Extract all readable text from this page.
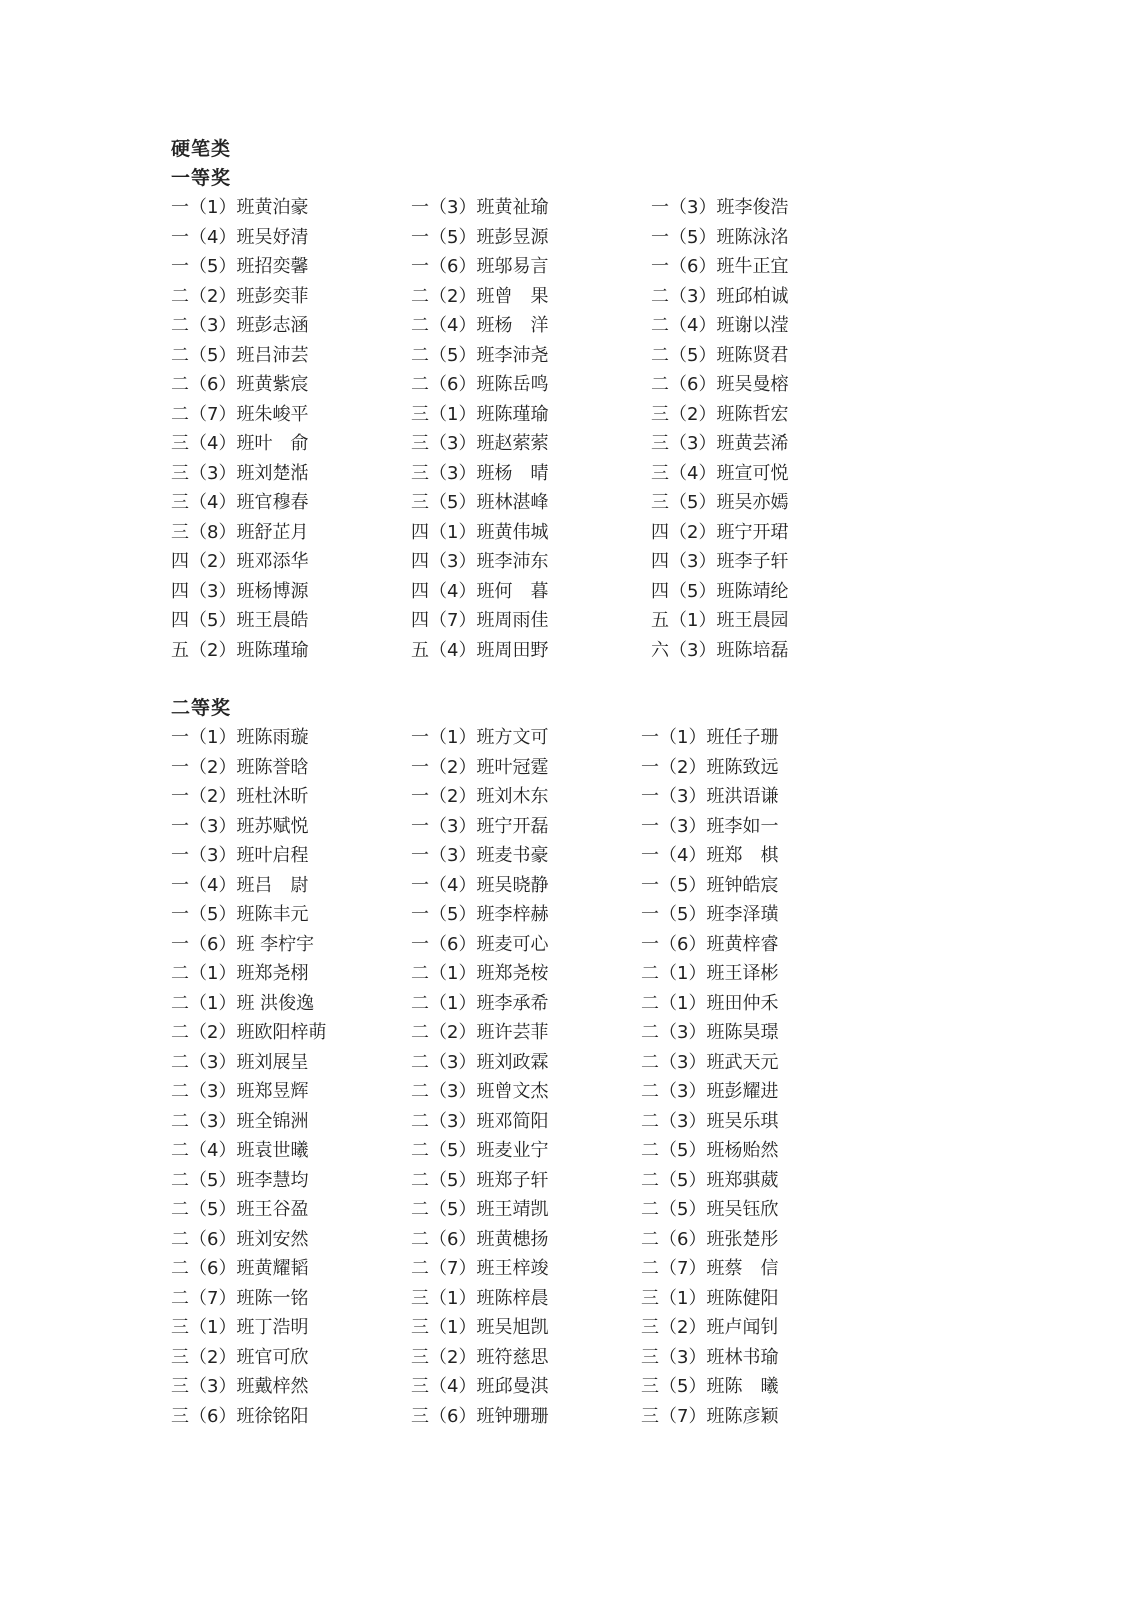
硬笔类
一等奖
一（1）班黄泊豪	一（3）班黄祉瑜	一（3）班李俊浩
一（4）班吴妤清	一（5）班彭昱源	一（5）班陈泳洺
一（5）班招奕馨	一（6）班邬易言	一（6）班牛正宜
二（2）班彭奕菲	二（2）班曾　果	二（3）班邱柏诚
二（3）班彭志涵	二（4）班杨　洋	二（4）班谢以滢
二（5）班吕沛芸	二（5）班李沛尧	二（5）班陈贤君
二（6）班黄紫宸	二（6）班陈岳鸣	二（6）班吴曼榕
二（7）班朱峻平	三（1）班陈瑾瑜	三（2）班陈哲宏
三（4）班叶　俞	三（3）班赵萦萦	三（3）班黄芸浠
三（3）班刘楚湉	三（3）班杨　晴	三（4）班宣可悦
三（4）班官穆春	三（5）班林湛峰	三（5）班吴亦嫣
三（8）班舒芷月	四（1）班黄伟城	四（2）班宁开珺
四（2）班邓添华	四（3）班李沛东	四（3）班李子轩
四（3）班杨博源	四（4）班何　暮	四（5）班陈靖纶
四（5）班王晨皓	四（7）班周雨佳	五（1）班王晨园
五（2）班陈瑾瑜	五（4）班周田野	六（3）班陈培磊
二等奖
一（1）班陈雨璇	一（1）班方文可	一（1）班任子珊
一（2）班陈誉晗	一（2）班叶冠霆	一（2）班陈致远
一（2）班杜沐昕	一（2）班刘木东	一（3）班洪语谦
一（3）班苏赋悦	一（3）班宁开磊	一（3）班李如一
一（3）班叶启程	一（3）班麦书豪	一（4）班郑　棋
一（4）班吕　尉	一（4）班吴晓静	一（5）班钟皓宸
一（5）班陈丰元	一（5）班李梓赫	一（5）班李泽璜
一（6）班 李柠宇	一（6）班麦可心	一（6）班黄梓睿
二（1）班郑尧栩	二（1）班郑尧桉	二（1）班王译彬
二（1）班 洪俊逸	二（1）班李承希	二（1）班田仲禾
二（2）班欧阳梓萌	二（2）班许芸菲	二（3）班陈昊璟
二（3）班刘展呈	二（3）班刘政霖	二（3）班武天元
二（3）班郑昱辉	二（3）班曾文杰	二（3）班彭耀进
二（3）班全锦洲	二（3）班邓简阳	二（3）班吴乐琪
二（4）班袁世曦	二（5）班麦业宁	二（5）班杨贻然
二（5）班李慧均	二（5）班郑子轩	二（5）班郑骐葳
二（5）班王谷盈	二（5）班王靖凯	二（5）班吴钰欣
二（6）班刘安然	二（6）班黄槵扬	二（6）班张楚彤
二（6）班黄耀韬	二（7）班王梓竣	二（7）班蔡　信
二（7）班陈一铭	三（1）班陈梓晨	三（1）班陈健阳
三（1）班丁浩明	三（1）班吴旭凯	三（2）班卢闻钊
三（2）班官可欣	三（2）班符慈思	三（3）班林书瑜
三（3）班戴梓然	三（4）班邱曼淇	三（5）班陈　曦
三（6）班徐铭阳	三（6）班钟珊珊	三（7）班陈彦颖
